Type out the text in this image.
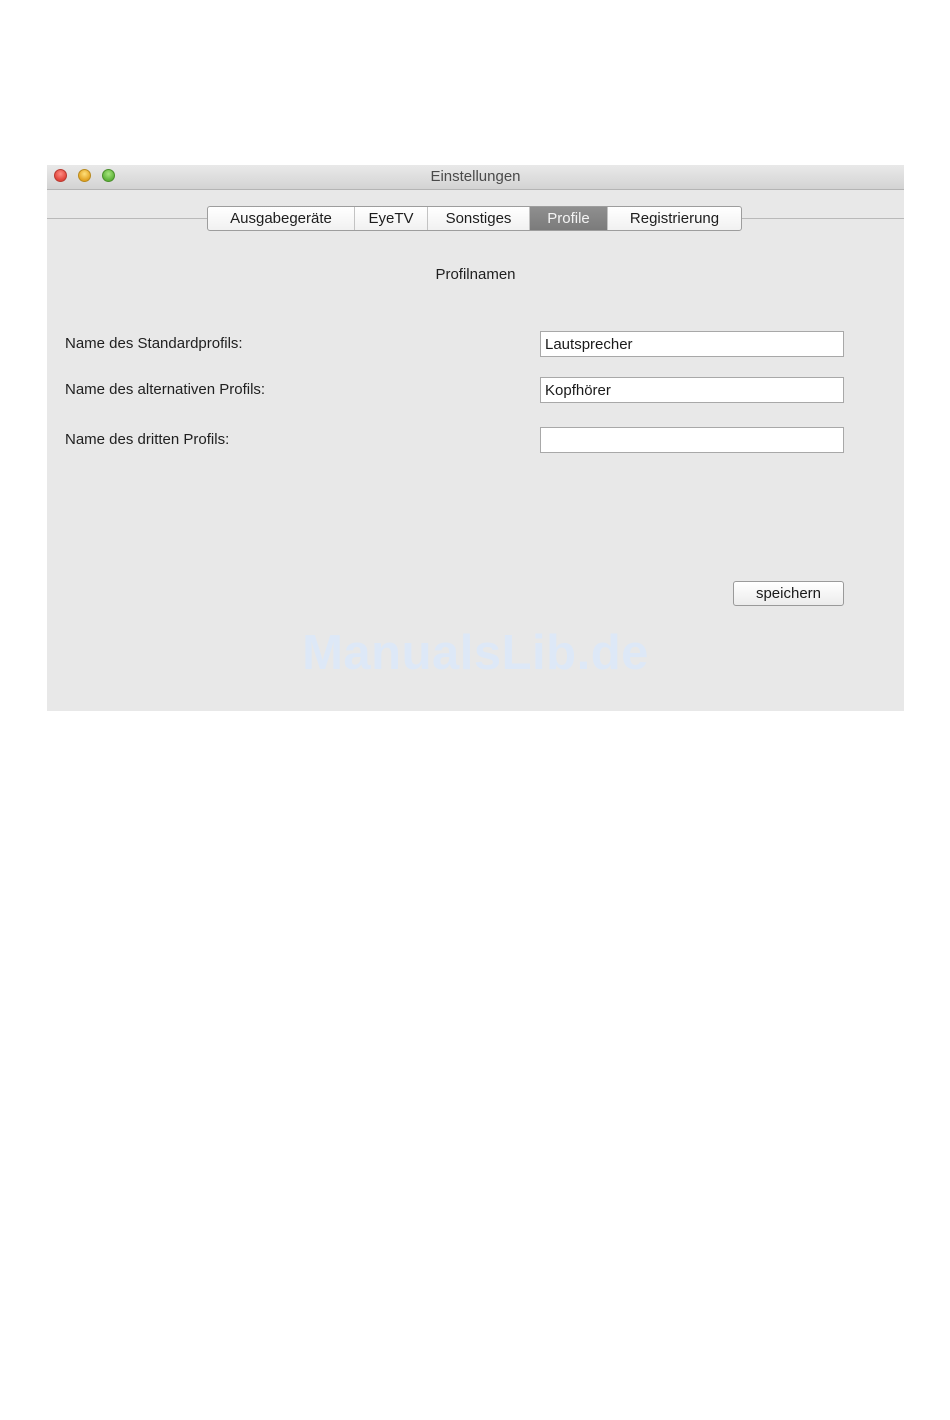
Einstellungen
Ausgabegeräte	EyeTV	Sonstiges	Profile	Registrierung
Profilnamen
Name des Standardprofils:
Lautsprecher
Name des alternativen Profils:
Kopfhörer
Name des dritten Profils:
speichern
ManualsLib.de
